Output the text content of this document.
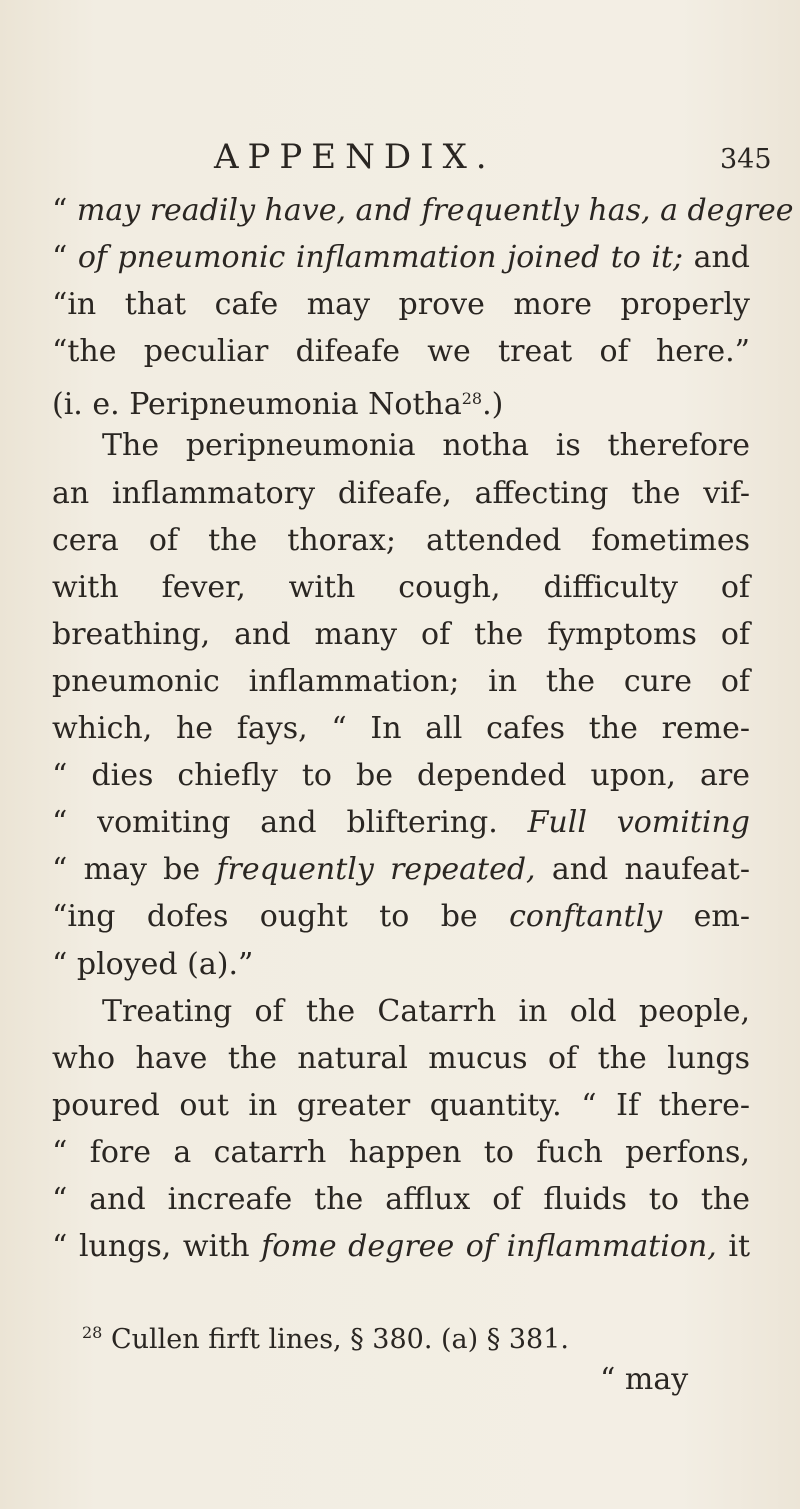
APPENDIX.	345
“ may readily have, and frequently has, a degree
“ of pneumonic inflammation joined to it; and
“in that cafe may prove more properly
“the peculiar difeafe we treat of here.”
(i. e. Peripneumonia Notha$^{28}$.)
The peripneumonia notha is therefore
an inflammatory difeafe, affecting the vif-
cera of the thorax; attended fometimes
with fever, with cough, difficulty of
breathing, and many of the fymptoms of
pneumonic inflammation; in the cure of
which, he fays, “ In all cafes the reme-
“ dies chiefly to be depended upon, are
“ vomiting and bliftering. Full vomiting
“ may be frequently repeated, and naufeat-
“ing dofes ought to be conftantly em-
“ ployed (a).”
Treating of the Catarrh in old people,
who have the natural mucus of the lungs
poured out in greater quantity. “ If there-
“ fore a catarrh happen to fuch perfons,
“ and increafe the afflux of fluids to the
“ lungs, with fome degree of inflammation, it
$^{28}$ Cullen firft lines, § 380. (a) § 381.
“ may
